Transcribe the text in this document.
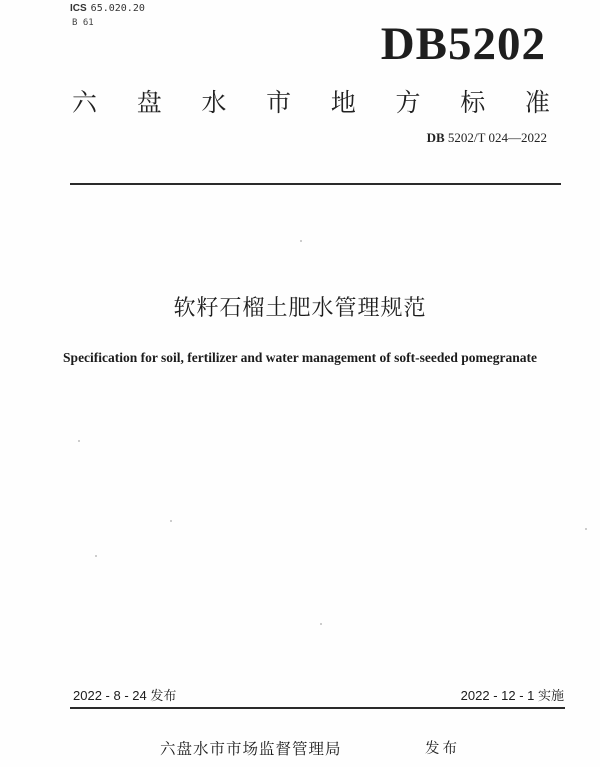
ICS 65.020.20
B 61	DB5202
六 盘 水 市 地 方 标 准
DB 5202/T 024—2022
软籽石榴土肥水管理规范
Specification for soil, fertilizer and water management of soft-seeded pomegranate
2022 - 8 - 24 发布	2022 - 12 - 1 实施
六盘水市市场监督管理局	发布
